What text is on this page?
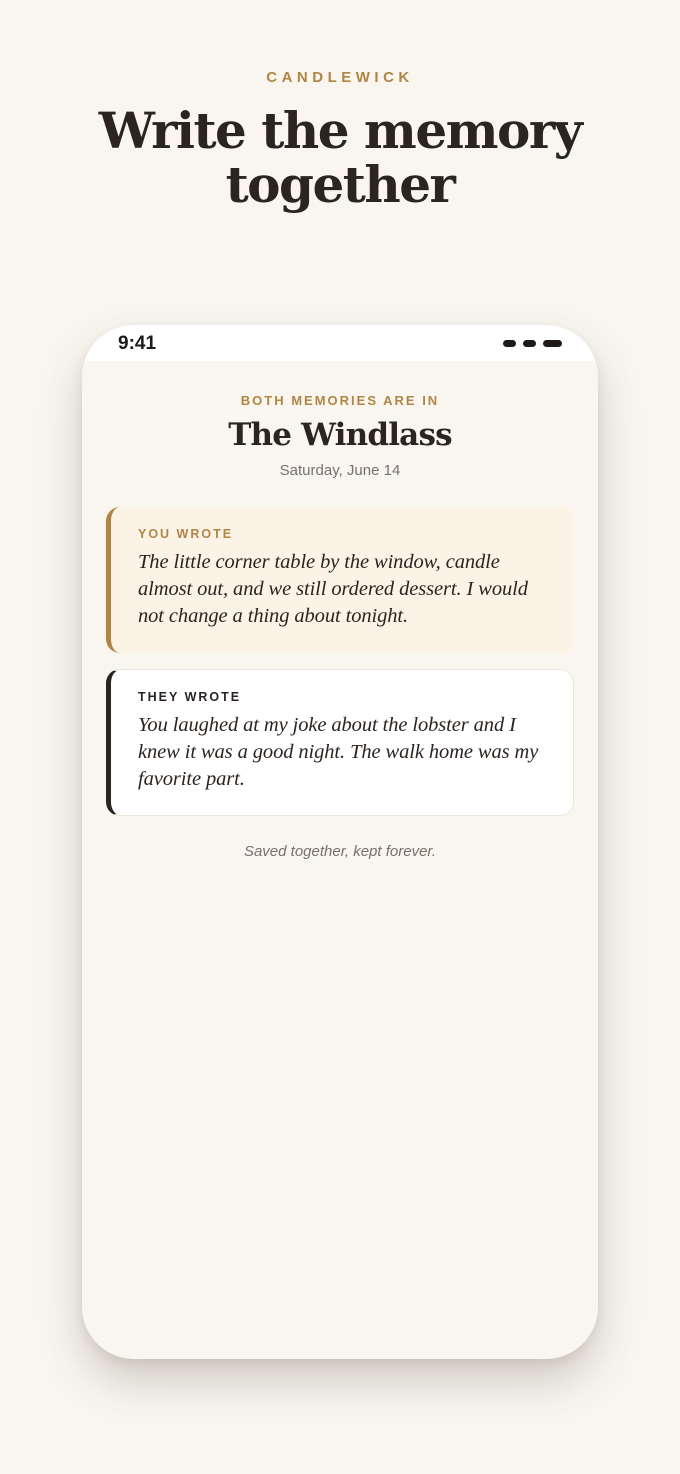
CANDLEWICK
Write the memory
together
9:41
BOTH MEMORIES ARE IN
The Windlass
Saturday, June 14
YOU WROTE

The little corner table by the window, candle almost out, and we still ordered dessert. I would not change a thing about tonight.

THEY WROTE

You laughed at my joke about the lobster and I knew it was a good night. The walk home was my favorite part.

Saved together, kept forever.
